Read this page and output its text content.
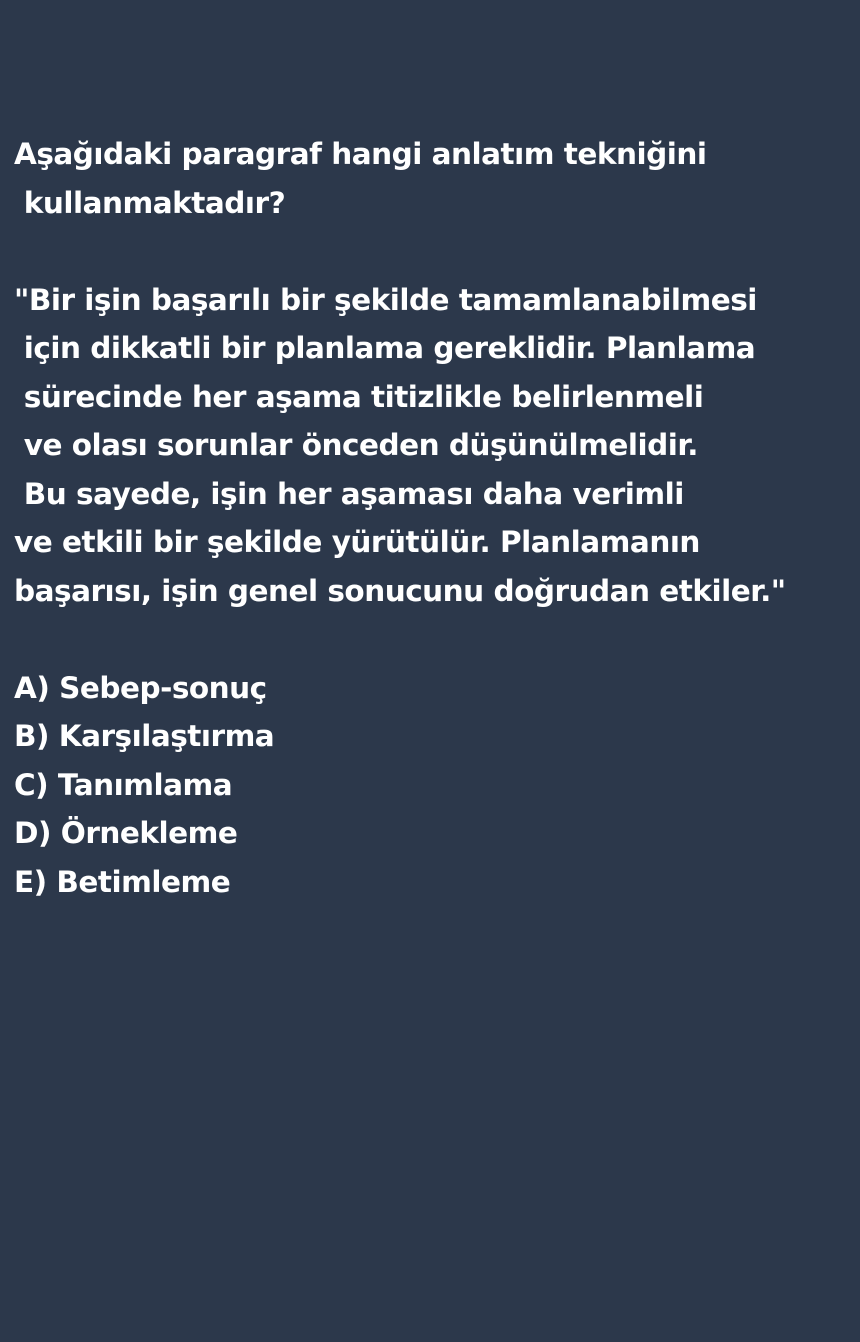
Aşağıdaki paragraf hangi anlatım tekniğini
kullanmaktadır?
"Bir işin başarılı bir şekilde tamamlanabilmesi
için dikkatli bir planlama gereklidir. Planlama
sürecinde her aşama titizlikle belirlenmeli
ve olası sorunlar önceden düşünülmelidir.
Bu sayede, işin her aşaması daha verimli
ve etkili bir şekilde yürütülür. Planlamanın
başarısı, işin genel sonucunu doğrudan etkiler."
A) Sebep-sonuç
B) Karşılaştırma
C) Tanımlama
D) Örnekleme
E) Betimleme
